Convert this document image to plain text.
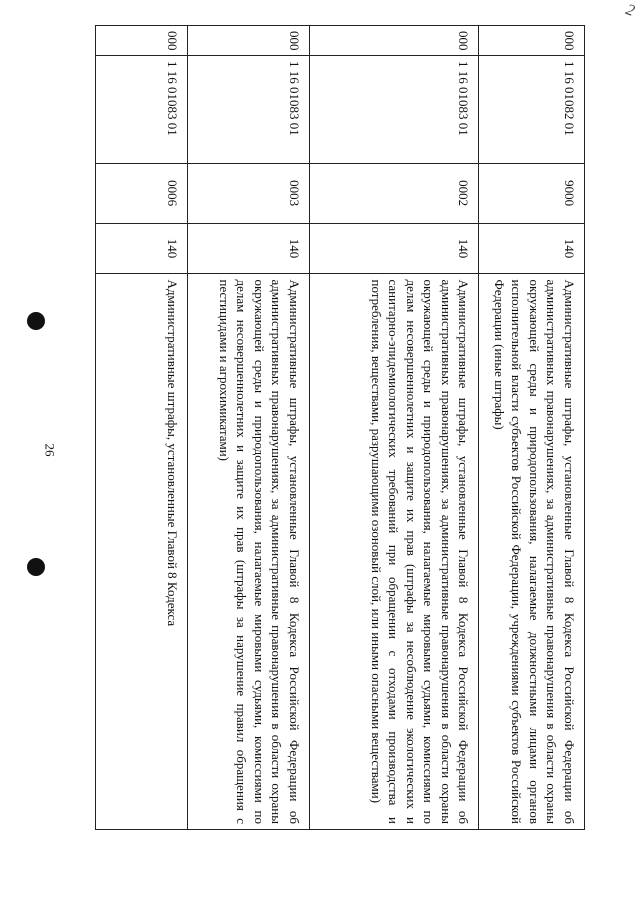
26
2
000
1 16 01082 01
9000
140
Административные штрафы, установленные Главой 8 Кодекса Российской Федерации об административных правонарушениях, за административные правонарушения в области охраны окружающей среды и природопользования, налагаемые должностными лицами органов исполнительной власти субъектов Российской Федерации, учреждениями субъектов Российской Федерации (иные штрафы)
000
1 16 01083 01
0002
140
Административные штрафы, установленные Главой 8 Кодекса Российской Федерации об административных правонарушениях, за административные правонарушения в области охраны окружающей среды и природопользования, налагаемые мировыми судьями, комиссиями по делам несовершеннолетних и защите их прав (штрафы за несоблюдение экологических и санитарно-эпидемиологических требований при обращении с отходами производства и потребления, веществами, разрушающими озоновый слой, или иными опасными веществами)
000
1 16 01083 01
0003
140
Административные штрафы, установленные Главой 8 Кодекса Российской Федерации об административных правонарушениях, за административные правонарушения в области охраны окружающей среды и природопользования, налагаемые мировыми судьями, комиссиями по делам несовершеннолетних и защите их прав (штрафы за нарушение правил обращения с пестицидами и агрохимикатами)
000
1 16 01083 01
0006
140
Административные штрафы, установленные Главой 8 Кодекса
